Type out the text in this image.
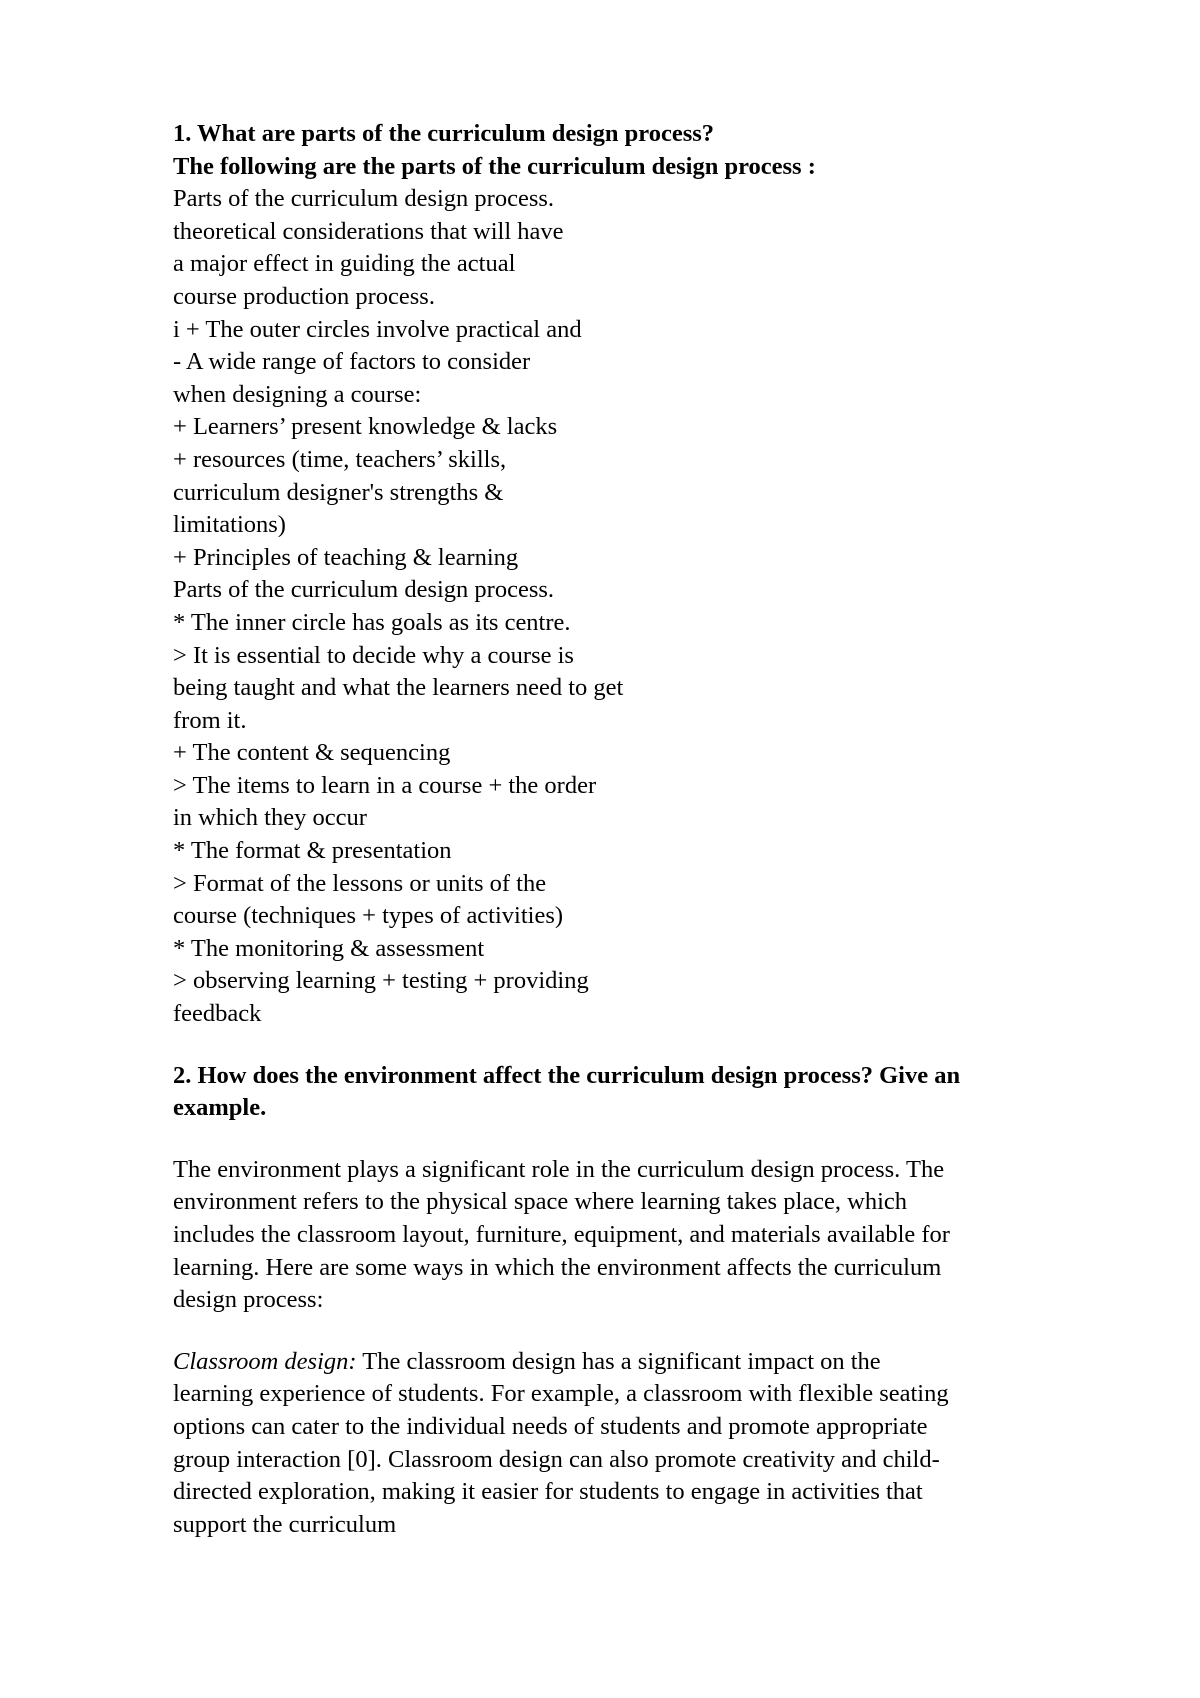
1. What are parts of the curriculum design process?
The following are the parts of the curriculum design process :
Parts of the curriculum design process.
theoretical considerations that will have
a major effect in guiding the actual
course production process.
i + The outer circles involve practical and
- A wide range of factors to consider
when designing a course:
+ Learners’ present knowledge & lacks
+ resources (time, teachers’ skills,
curriculum designer's strengths &
limitations)
+ Principles of teaching & learning
Parts of the curriculum design process.
* The inner circle has goals as its centre.
> It is essential to decide why a course is
being taught and what the learners need to get
from it.
+ The content & sequencing
> The items to learn in a course + the order
in which they occur
* The format & presentation
> Format of the lessons or units of the
course (techniques + types of activities)
* The monitoring & assessment
> observing learning + testing + providing
feedback
2. How does the environment affect the curriculum design process? Give an
example.
The environment plays a significant role in the curriculum design process. The
environment refers to the physical space where learning takes place, which
includes the classroom layout, furniture, equipment, and materials available for
learning. Here are some ways in which the environment affects the curriculum
design process:
Classroom design: The classroom design has a significant impact on the
learning experience of students. For example, a classroom with flexible seating
options can cater to the individual needs of students and promote appropriate
group interaction [0]. Classroom design can also promote creativity and child-
directed exploration, making it easier for students to engage in activities that
support the curriculum
